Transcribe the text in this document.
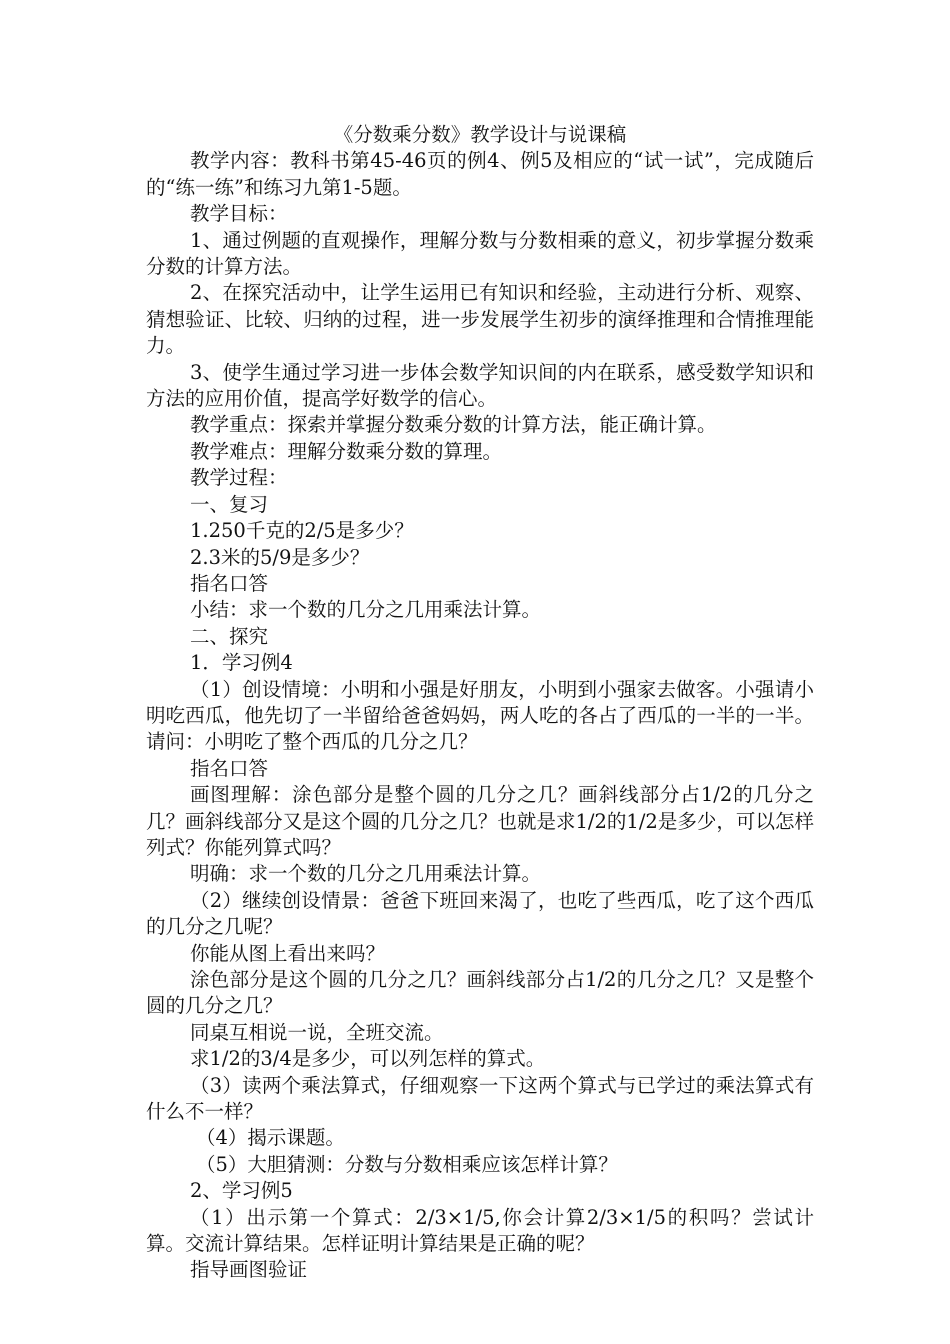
《分数乘分数》教学设计与说课稿

教学内容：教科书第45-46页的例4、例5及相应的“试一试”，完成随后的“练一练”和练习九第1-5题。

教学目标：

1、通过例题的直观操作，理解分数与分数相乘的意义，初步掌握分数乘分数的计算方法。

2、在探究活动中，让学生运用已有知识和经验，主动进行分析、观察、猜想验证、比较、归纳的过程，进一步发展学生初步的演绎推理和合情推理能力。

3、使学生通过学习进一步体会数学知识间的内在联系，感受数学知识和方法的应用价值，提高学好数学的信心。

教学重点：探索并掌握分数乘分数的计算方法，能正确计算。

教学难点：理解分数乘分数的算理。

教学过程：

一、复习

1.250千克的2/5是多少？

2.3米的5/9是多少？

指名口答

小结：求一个数的几分之几用乘法计算。

二、探究

1．学习例4

（1）创设情境：小明和小强是好朋友，小明到小强家去做客。小强请小明吃西瓜，他先切了一半留给爸爸妈妈，两人吃的各占了西瓜的一半的一半。请问：小明吃了整个西瓜的几分之几？

指名口答

画图理解：涂色部分是整个圆的几分之几？画斜线部分占1/2的几分之几？画斜线部分又是这个圆的几分之几？也就是求1/2的1/2是多少，可以怎样列式？你能列算式吗？

明确：求一个数的几分之几用乘法计算。

（2）继续创设情景：爸爸下班回来渴了，也吃了些西瓜，吃了这个西瓜的几分之几呢？

你能从图上看出来吗？

涂色部分是这个圆的几分之几？画斜线部分占1/2的几分之几？又是整个圆的几分之几？

同桌互相说一说，全班交流。

求1/2的3/4是多少，可以列怎样的算式。

（3）读两个乘法算式，仔细观察一下这两个算式与已学过的乘法算式有什么不一样？

（4）揭示课题。

（5）大胆猜测：分数与分数相乘应该怎样计算？

2、学习例5

（1）出示第一个算式：2/3×1/5,你会计算2/3×1/5的积吗？尝试计算。交流计算结果。怎样证明计算结果是正确的呢？

指导画图验证
